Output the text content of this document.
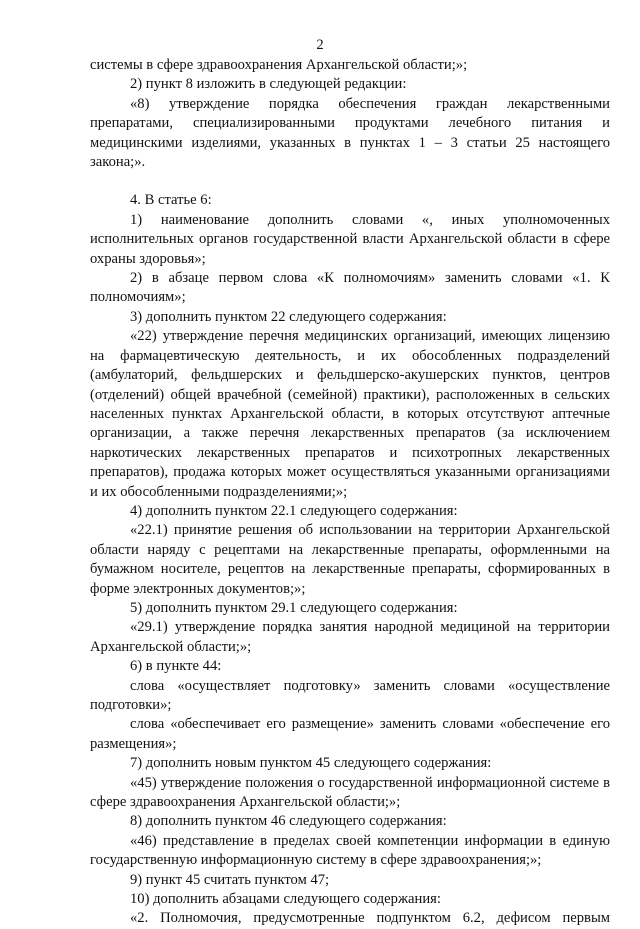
2

системы в сфере здравоохранения Архангельской области;»;

2) пункт 8 изложить в следующей редакции:

«8) утверждение порядка обеспечения граждан лекарственными препаратами, специализированными продуктами лечебного питания и медицинскими изделиями, указанных в пунктах 1 – 3 статьи 25 настоящего закона;».

4. В статье 6:

1) наименование дополнить словами «, иных уполномоченных исполнительных органов государственной власти Архангельской области в сфере охраны здоровья»;

2) в абзаце первом слова «К полномочиям» заменить словами «1. К полномочиям»;

3) дополнить пунктом 22 следующего содержания:

«22) утверждение перечня медицинских организаций, имеющих лицензию на фармацевтическую деятельность, и их обособленных подразделений (амбулаторий, фельдшерских и фельдшерско-акушерских пунктов, центров (отделений) общей врачебной (семейной) практики), расположенных в сельских населенных пунктах Архангельской области, в которых отсутствуют аптечные организации, а также перечня лекарственных препаратов (за исключением наркотических лекарственных препаратов и психотропных лекарственных препаратов), продажа которых может осуществляться указанными организациями и их обособленными подразделениями;»;

4) дополнить пунктом 22.1 следующего содержания:

«22.1) принятие решения об использовании на территории Архангельской области наряду с рецептами на лекарственные препараты, оформленными на бумажном носителе, рецептов на лекарственные препараты, сформированных в форме электронных документов;»;

5) дополнить пунктом 29.1 следующего содержания:

«29.1) утверждение порядка занятия народной медициной на территории Архангельской области;»;

6) в пункте 44:

слова «осуществляет подготовку» заменить словами «осуществление подготовки»;

слова «обеспечивает его размещение» заменить словами «обеспечение его размещения»;

7) дополнить новым пунктом 45 следующего содержания:

«45) утверждение положения о государственной информационной системе в сфере здравоохранения Архангельской области;»;

8) дополнить пунктом 46 следующего содержания:

«46) представление в пределах своей компетенции информации в единую государственную информационную систему в сфере здравоохранения;»;

9) пункт 45 считать пунктом 47;

10) дополнить абзацами следующего содержания:

«2. Полномочия, предусмотренные подпунктом 6.2, дефисом первым
